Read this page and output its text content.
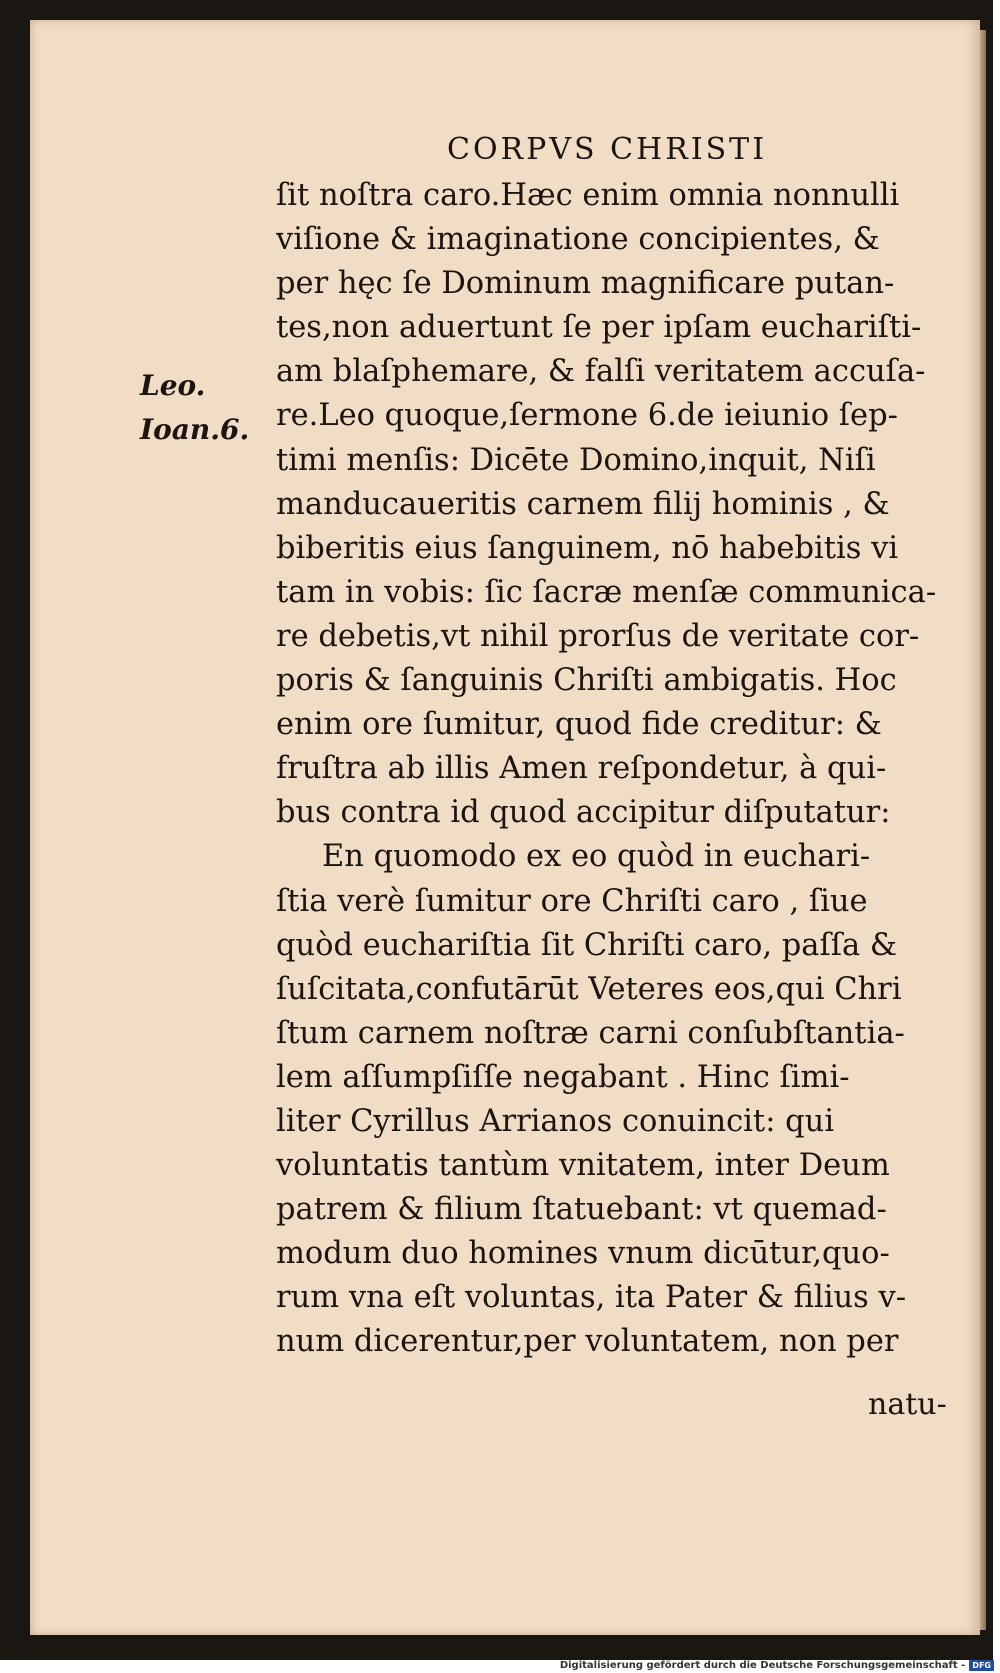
CORPVS CHRISTI
Leo.
Ioan.6.
ſit noſtra caro.Hæc enim omnia nonnulli
viſione & imaginatione concipientes, &
per hęc ſe Dominum magnificare putan-
tes,non aduertunt ſe per ipſam euchariſti-
am blaſphemare, & falſi veritatem accuſa-
re.Leo quoque,ſermone 6.de ieiunio ſep-
timi menſis: Dicēte Domino,inquit, Niſi
manducaueritis carnem filij hominis , &
biberitis eius ſanguinem, nō habebitis vi
tam in vobis: ſic ſacræ menſæ communica-
re debetis,vt nihil prorſus de veritate cor-
poris & ſanguinis Chriſti ambigatis. Hoc
enim ore ſumitur, quod fide creditur: &
fruſtra ab illis Amen reſpondetur, à qui-
bus contra id quod accipitur diſputatur:
En quomodo ex eo quòd in euchari-
ſtia verè ſumitur ore Chriſti caro , ſiue
quòd euchariſtia ſit Chriſti caro, paſſa &
ſuſcitata,confutārūt Veteres eos,qui Chri
ſtum carnem noſtræ carni conſubſtantia-
lem aſſumpſiſſe negabant . Hinc ſimi-
liter Cyrillus Arrianos conuincit: qui
voluntatis tantùm vnitatem, inter Deum
patrem & filium ſtatuebant: vt quemad-
modum duo homines vnum dicūtur,quo-
rum vna eſt voluntas, ita Pater & filius v-
num dicerentur,per voluntatem, non per
natu-
Digitalisierung gefördert durch die Deutsche Forschungsgemeinschaft - DFG
